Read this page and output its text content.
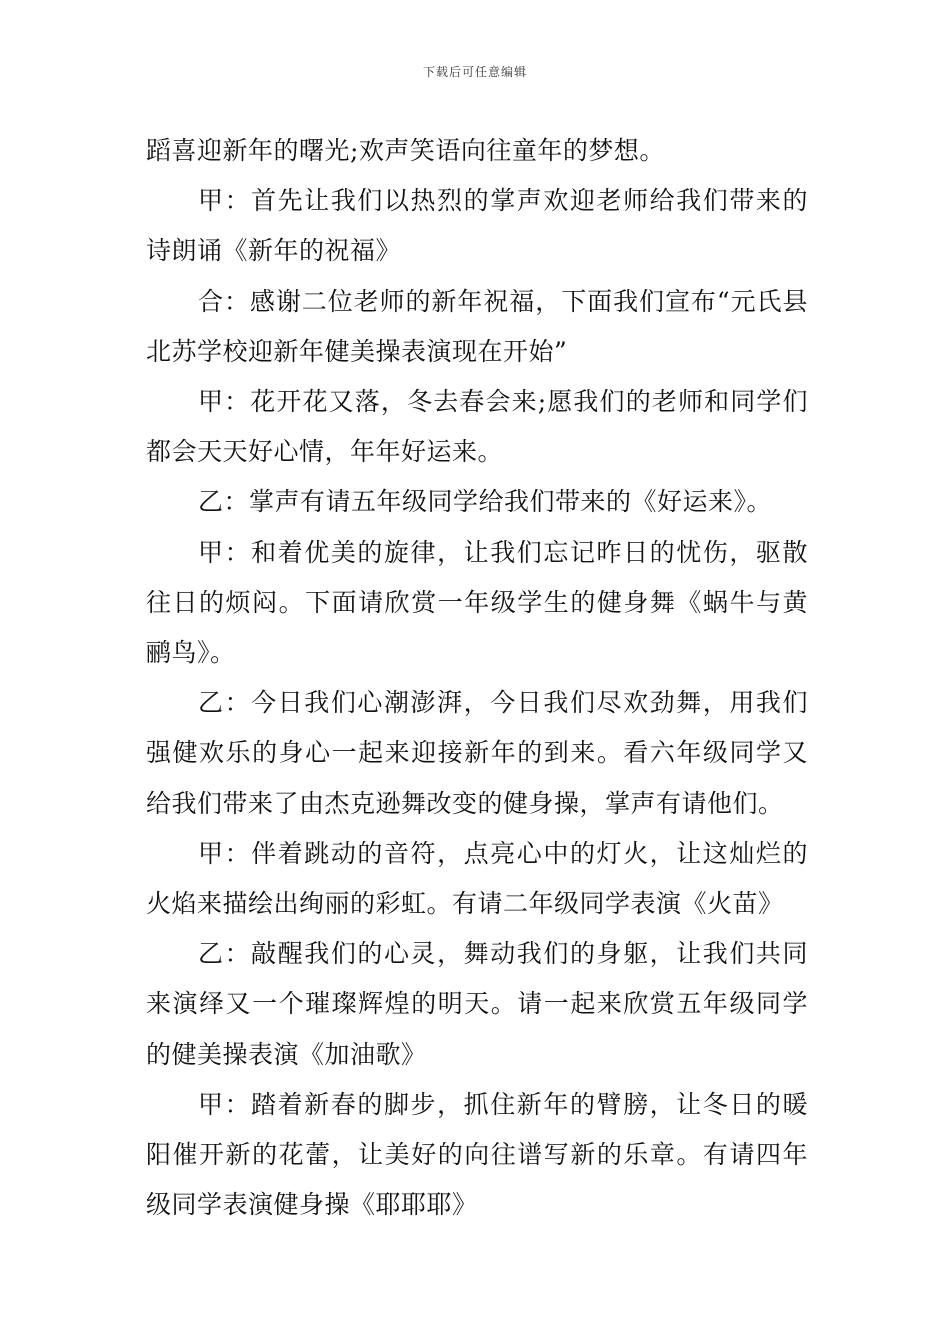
下载后可任意编辑

蹈喜迎新年的曙光;欢声笑语向往童年的梦想。

甲：首先让我们以热烈的掌声欢迎老师给我们带来的诗朗诵《新年的祝福》

合：感谢二位老师的新年祝福，下面我们宣布“元氏县北苏学校迎新年健美操表演现在开始”

甲：花开花又落，冬去春会来;愿我们的老师和同学们都会天天好心情，年年好运来。

乙：掌声有请五年级同学给我们带来的《好运来》。

甲：和着优美的旋律，让我们忘记昨日的忧伤，驱散往日的烦闷。下面请欣赏一年级学生的健身舞《蜗牛与黄鹂鸟》。

乙：今日我们心潮澎湃，今日我们尽欢劲舞，用我们强健欢乐的身心一起来迎接新年的到来。看六年级同学又给我们带来了由杰克逊舞改变的健身操，掌声有请他们。

甲：伴着跳动的音符，点亮心中的灯火，让这灿烂的火焰来描绘出绚丽的彩虹。有请二年级同学表演《火苗》

乙：敲醒我们的心灵，舞动我们的身躯，让我们共同来演绎又一个璀璨辉煌的明天。请一起来欣赏五年级同学的健美操表演《加油歌》

甲：踏着新春的脚步，抓住新年的臂膀，让冬日的暖阳催开新的花蕾，让美好的向往谱写新的乐章。有请四年级同学表演健身操《耶耶耶》
